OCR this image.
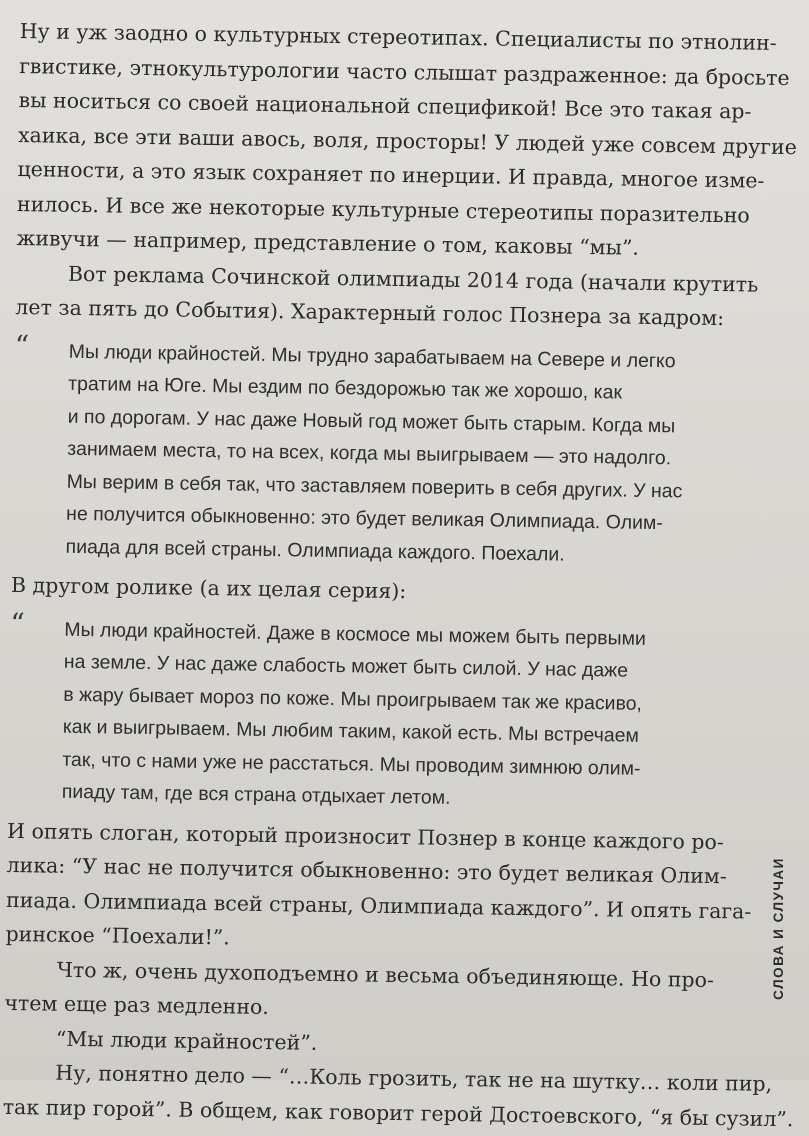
Ну и уж заодно о культурных стереотипах. Специалисты по этнолин-
гвистике, этнокультурологии часто слышат раздраженное: да бросьте
вы носиться со своей национальной спецификой! Все это такая ар-
хаика, все эти ваши авось, воля, просторы! У людей уже совсем другие
ценности, а это язык сохраняет по инерции. И правда, многое изме-
нилось. И все же некоторые культурные стереотипы поразительно
живучи — например, представление о том, каковы “мы”.
Вот реклама Сочинской олимпиады 2014 года (начали крутить
лет за пять до События). Характерный голос Познера за кадром:
“ Мы люди крайностей. Мы трудно зарабатываем на Севере и легко
тратим на Юге. Мы ездим по бездорожью так же хорошо, как
и по дорогам. У нас даже Новый год может быть старым. Когда мы
занимаем места, то на всех, когда мы выигрываем — это надолго.
Мы верим в себя так, что заставляем поверить в себя других. У нас
не получится обыкновенно: это будет великая Олимпиада. Олим-
пиада для всей страны. Олимпиада каждого. Поехали.
В другом ролике (а их целая серия):
“ Мы люди крайностей. Даже в космосе мы можем быть первыми
на земле. У нас даже слабость может быть силой. У нас даже
в жару бывает мороз по коже. Мы проигрываем так же красиво,
как и выигрываем. Мы любим таким, какой есть. Мы встречаем
так, что с нами уже не расстаться. Мы проводим зимнюю олим-
пиаду там, где вся страна отдыхает летом.
И опять слоган, который произносит Познер в конце каждого ро-
лика: “У нас не получится обыкновенно: это будет великая Олим-
пиада. Олимпиада всей страны, Олимпиада каждого”. И опять гага-
ринское “Поехали!”.
Что ж, очень духоподъемно и весьма объединяюще. Но про-
чтем еще раз медленно.
“Мы люди крайностей”.
Ну, понятно дело — “…Коль грозить, так не на шутку… коли пир,
так пир горой”. В общем, как говорит герой Достоевского, “я бы сузил”.
СЛОВА И СЛУЧАИ
